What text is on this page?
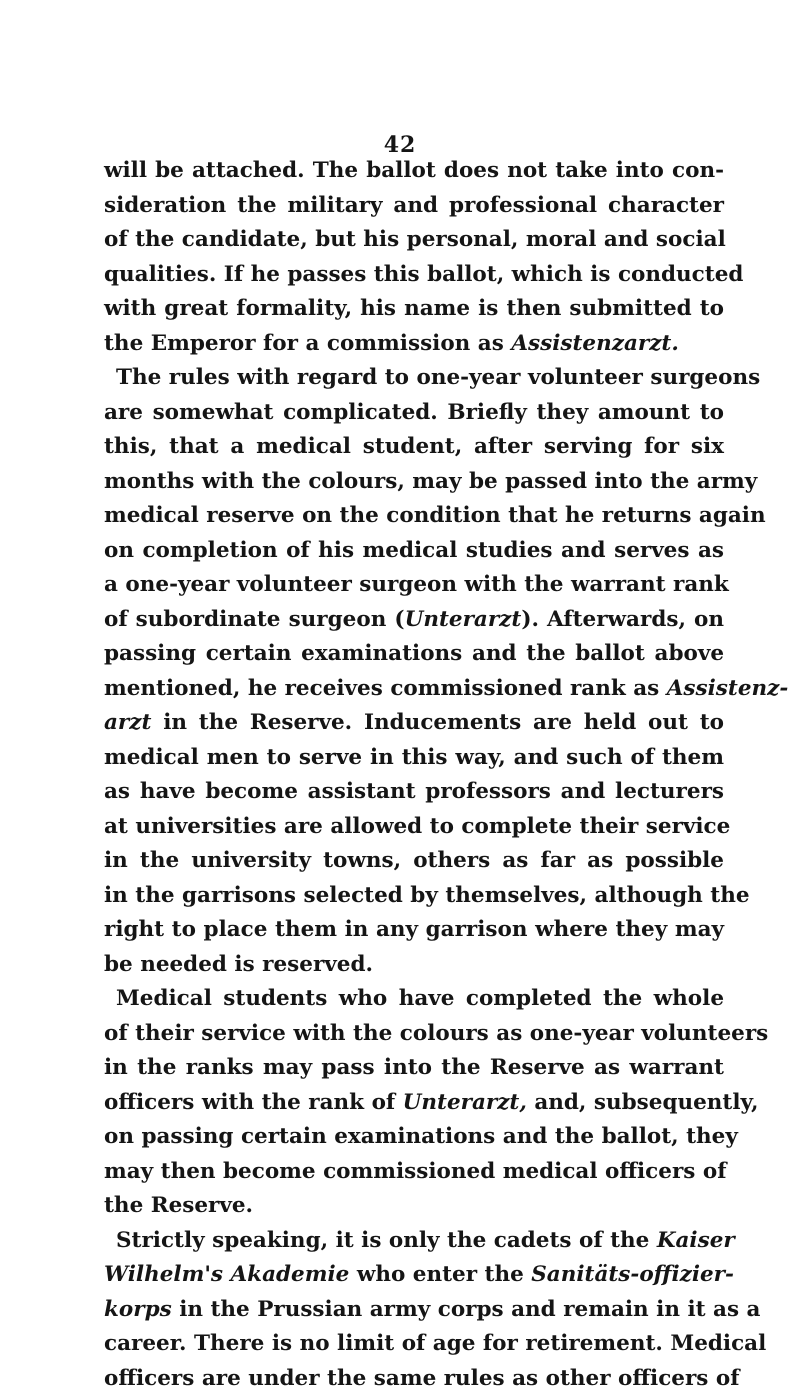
42
will be attached. The ballot does not take into con-
sideration the military and professional character
of the candidate, but his personal, moral and social
qualities. If he passes this ballot, which is conducted
with great formality, his name is then submitted to
the Emperor for a commission as Assistenzarzt.
The rules with regard to one-year volunteer surgeons
are somewhat complicated. Briefly they amount to
this, that a medical student, after serving for six
months with the colours, may be passed into the army
medical reserve on the condition that he returns again
on completion of his medical studies and serves as
a one-year volunteer surgeon with the warrant rank
of subordinate surgeon (Unterarzt). Afterwards, on
passing certain examinations and the ballot above
mentioned, he receives commissioned rank as Assistenz-
arzt in the Reserve. Inducements are held out to
medical men to serve in this way, and such of them
as have become assistant professors and lecturers
at universities are allowed to complete their service
in the university towns, others as far as possible
in the garrisons selected by themselves, although the
right to place them in any garrison where they may
be needed is reserved.
Medical students who have completed the whole
of their service with the colours as one-year volunteers
in the ranks may pass into the Reserve as warrant
officers with the rank of Unterarzt, and, subsequently,
on passing certain examinations and the ballot, they
may then become commissioned medical officers of
the Reserve.
Strictly speaking, it is only the cadets of the Kaiser
Wilhelm's Akademie who enter the Sanitäts-offizier-
korps in the Prussian army corps and remain in it as a
career. There is no limit of age for retirement. Medical
officers are under the same rules as other officers of
